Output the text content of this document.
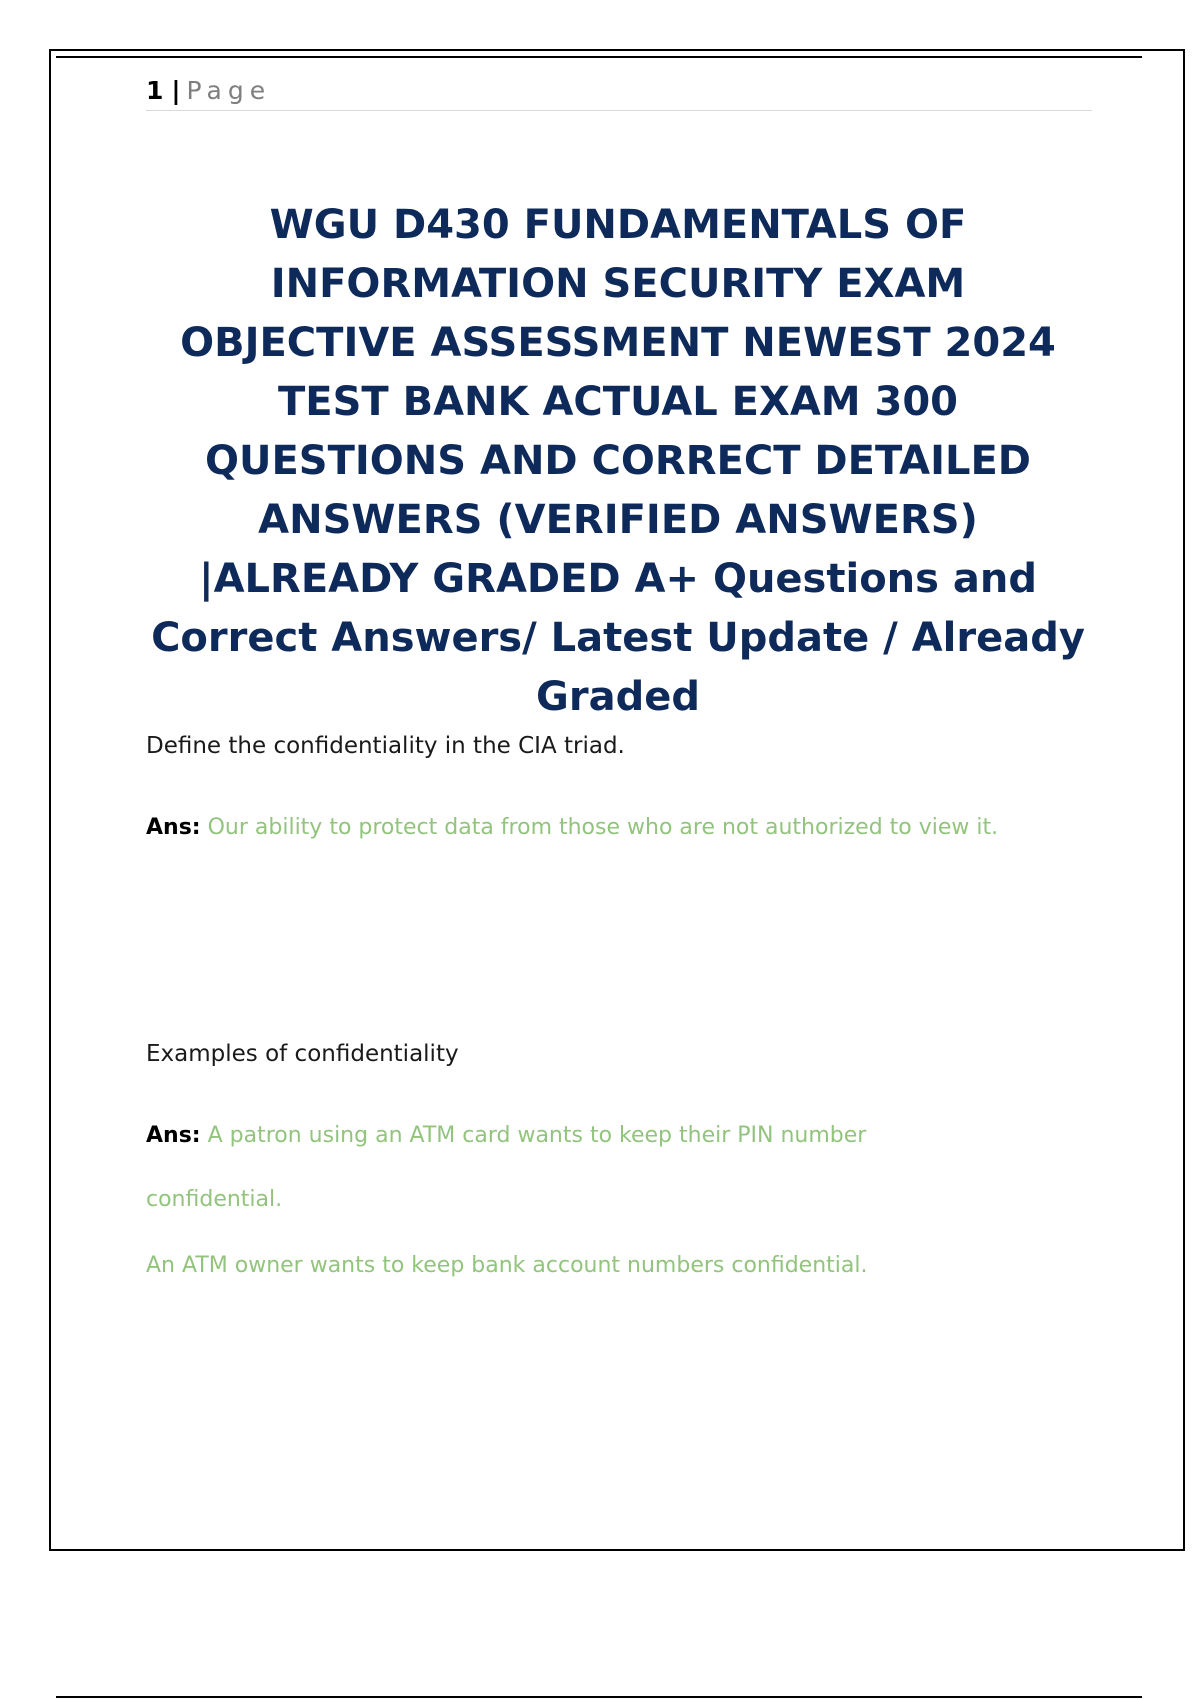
1 | Page
WGU D430 FUNDAMENTALS OF INFORMATION SECURITY EXAM OBJECTIVE ASSESSMENT NEWEST 2024 TEST BANK ACTUAL EXAM 300 QUESTIONS AND CORRECT DETAILED ANSWERS (VERIFIED ANSWERS) |ALREADY GRADED A+ Questions and Correct Answers/ Latest Update / Already Graded

Define the confidentiality in the CIA triad.

Ans: Our ability to protect data from those who are not authorized to view it.

Examples of confidentiality

Ans: A patron using an ATM card wants to keep their PIN number confidential.

An ATM owner wants to keep bank account numbers confidential.
